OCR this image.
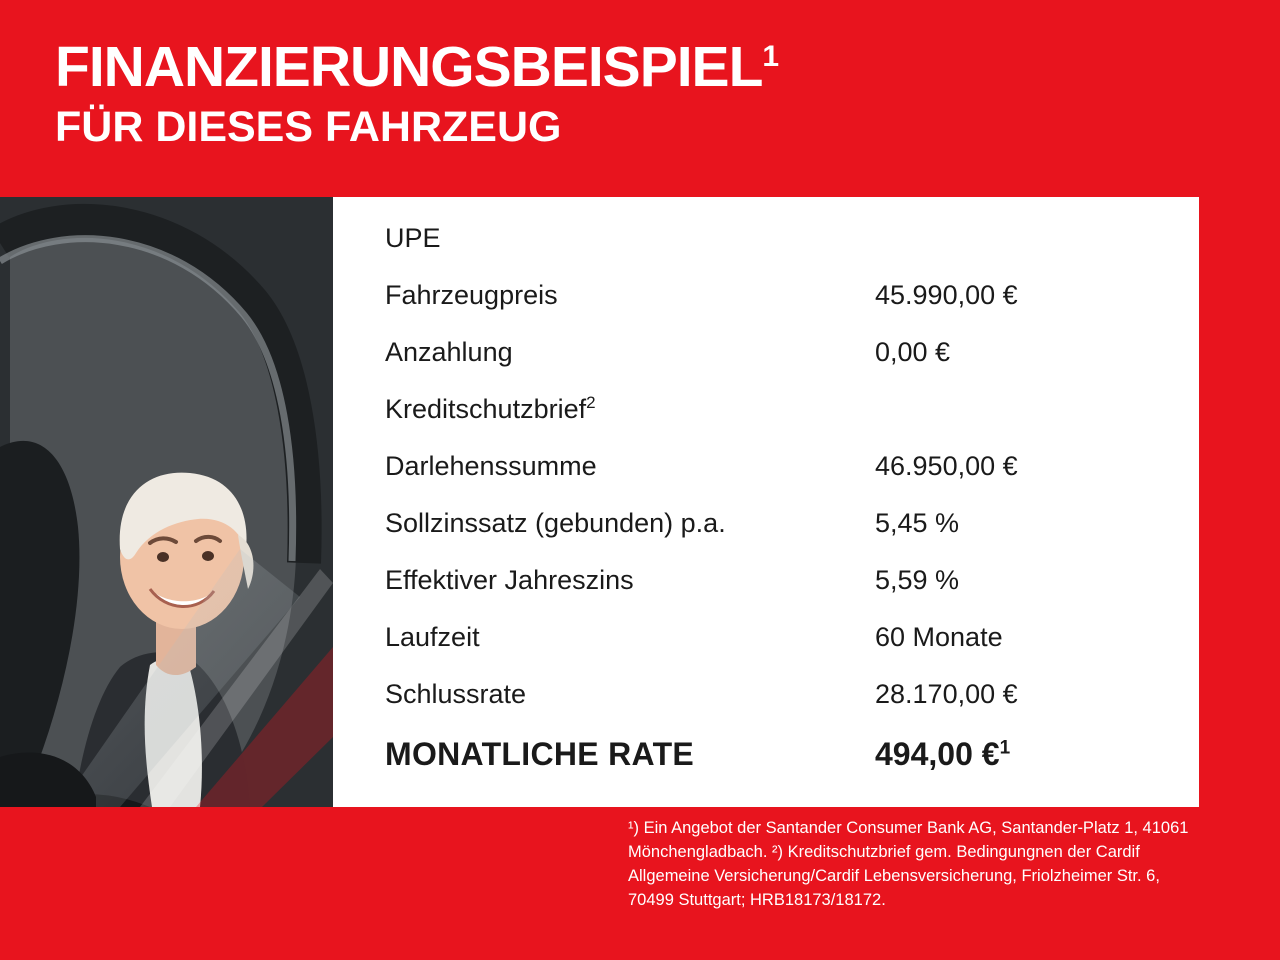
FINANZIERUNGSBEISPIEL$^1$
FÜR DIESES FAHRZEUG
UPE
Fahrzeugpreis	45.990,00 €
Anzahlung	0,00 €
Kreditschutzbrief$^2$
Darlehenssumme	46.950,00 €
Sollzinssatz (gebunden) p.a.	5,45 %
Effektiver Jahreszins	5,59 %
Laufzeit	60 Monate
Schlussrate	28.170,00 €
MONATLICHE RATE	494,00 €$^1$
¹) Ein Angebot der Santander Consumer Bank AG, Santander-Platz 1, 41061 Mönchengladbach. ²) Kreditschutzbrief gem. Bedingungnen der Cardif Allgemeine Versicherung/Cardif Lebensversicherung, Friolzheimer Str. 6, 70499 Stuttgart; HRB18173/18172.
